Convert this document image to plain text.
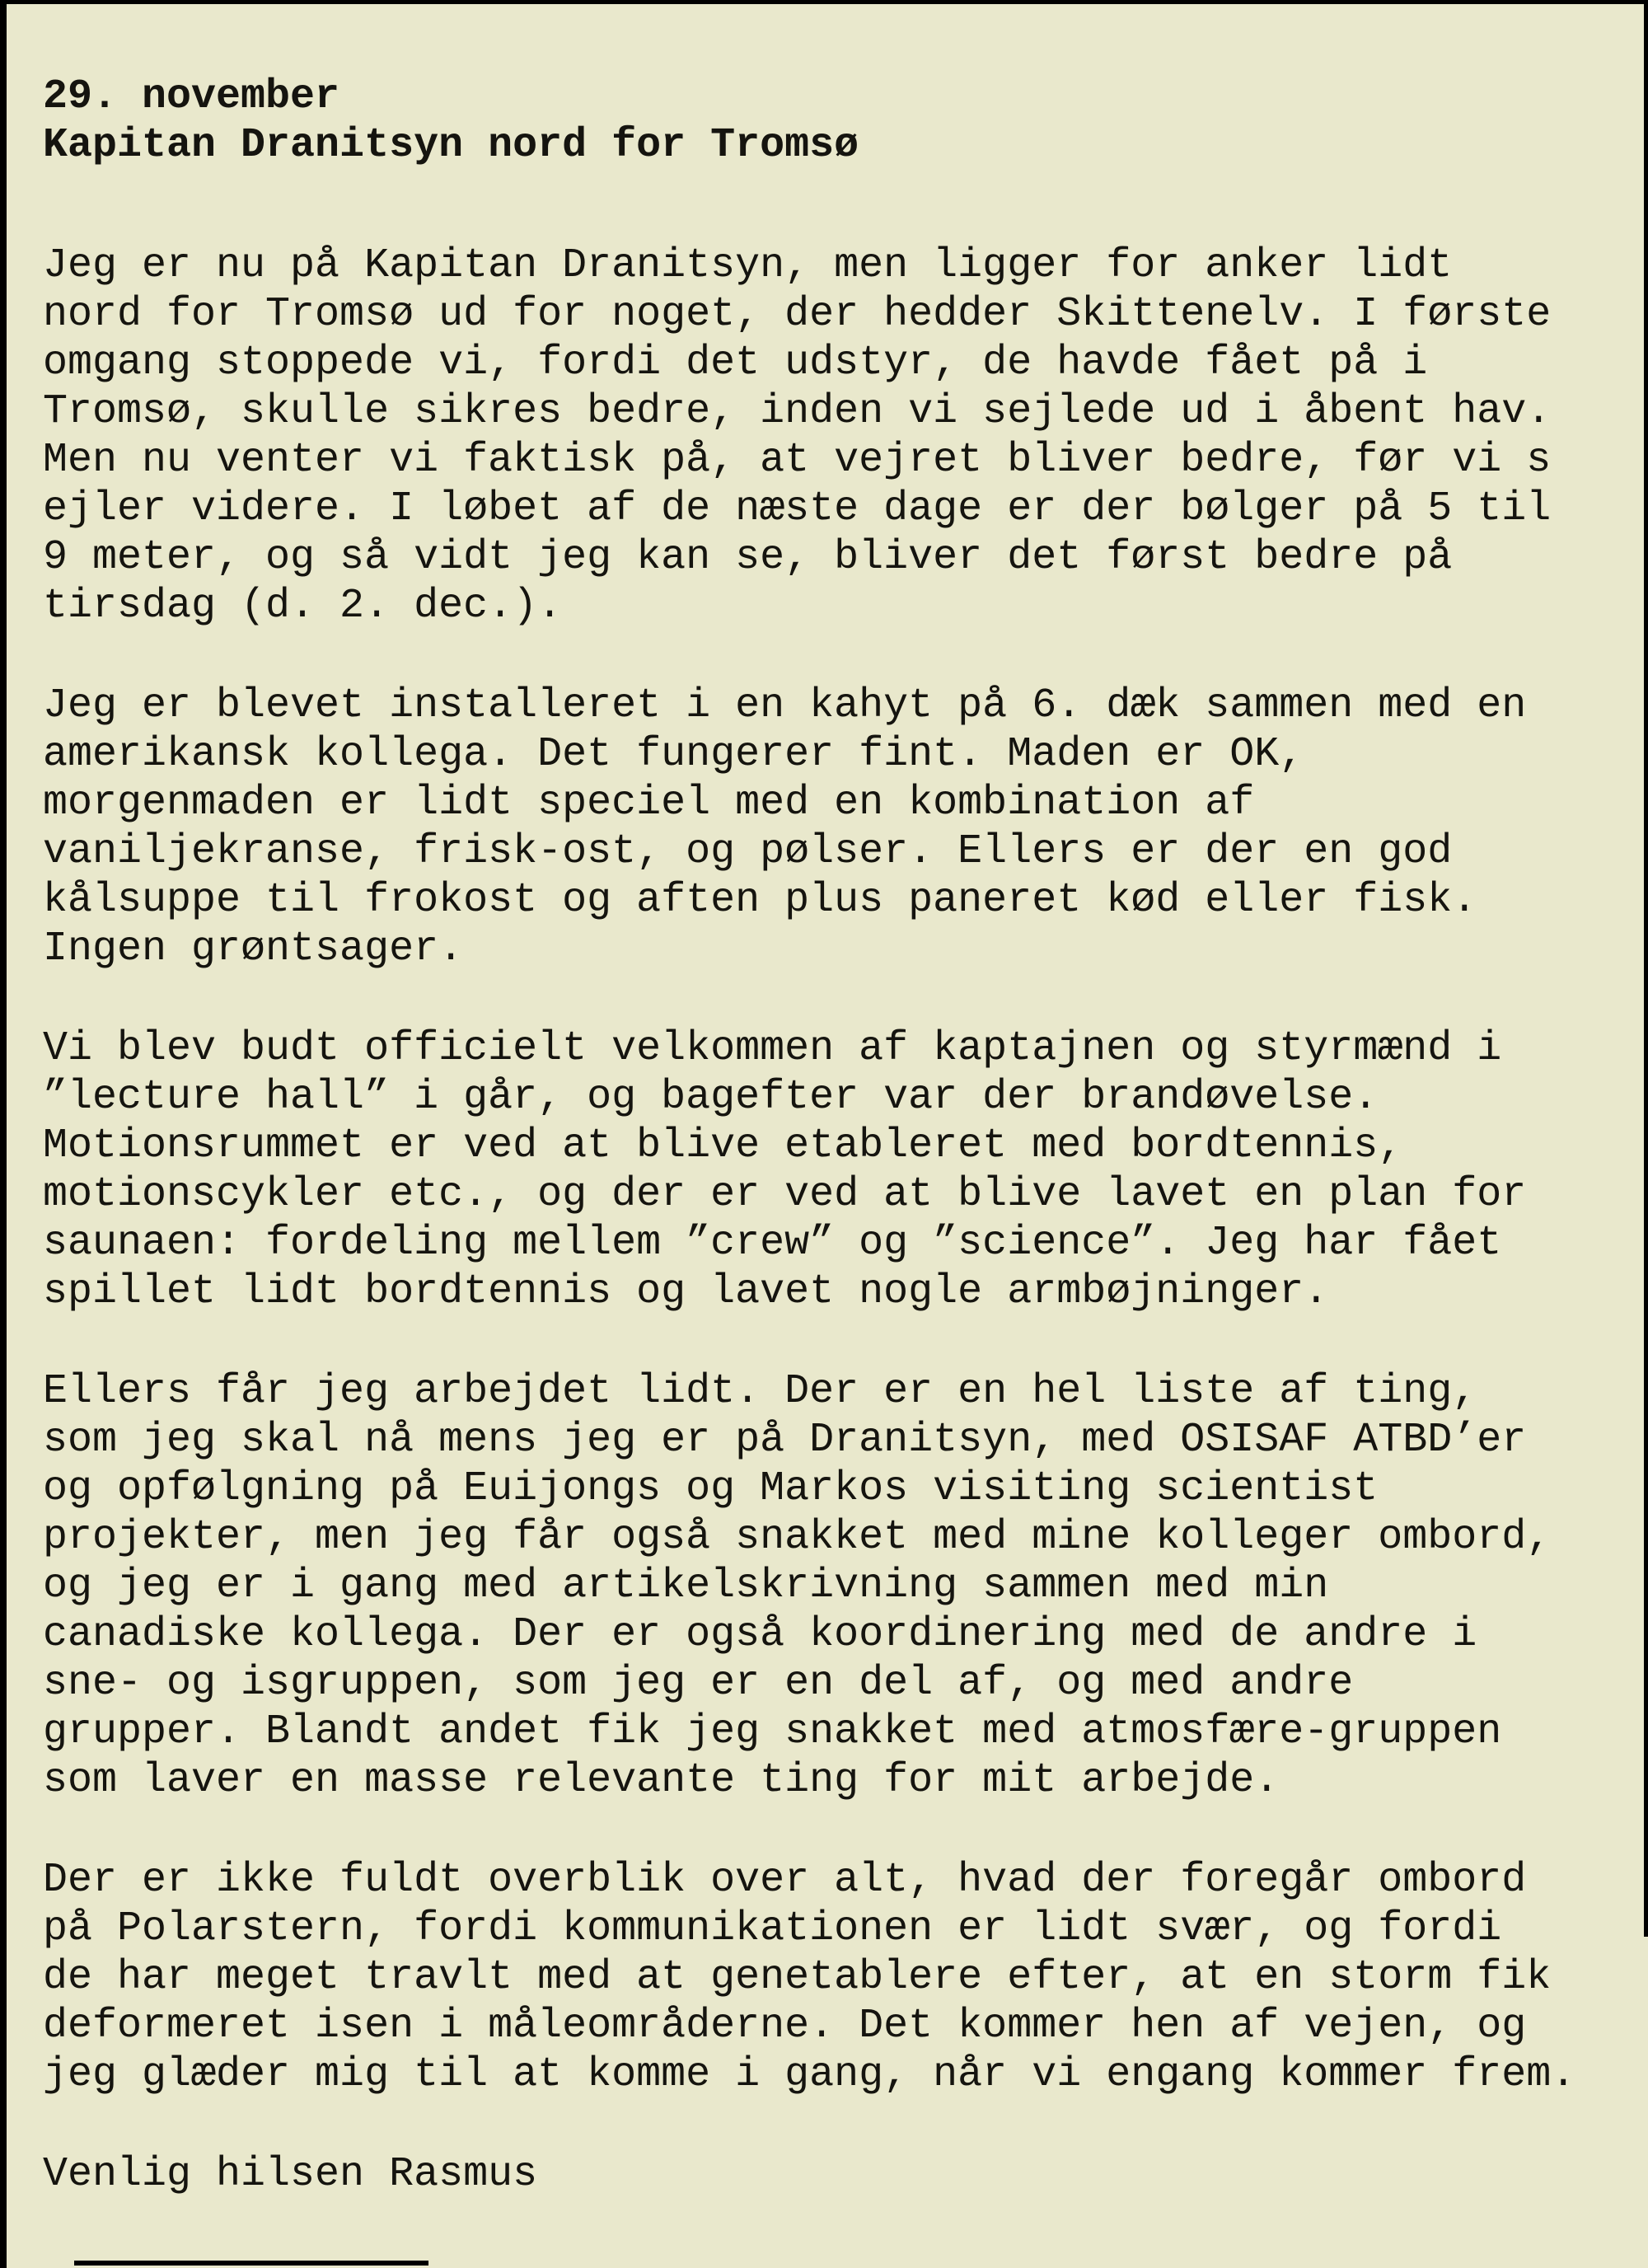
29. november
Kapitan Dranitsyn nord for Tromsø
Jeg er nu på Kapitan Dranitsyn, men ligger for anker lidt
nord for Tromsø ud for noget, der hedder Skittenelv. I første
omgang stoppede vi, fordi det udstyr, de havde fået på i
Tromsø, skulle sikres bedre, inden vi sejlede ud i åbent hav.
Men nu venter vi faktisk på, at vejret bliver bedre, før vi s
ejler videre. I løbet af de næste dage er der bølger på 5 til
9 meter, og så vidt jeg kan se, bliver det først bedre på
tirsdag (d. 2. dec.).
Jeg er blevet installeret i en kahyt på 6. dæk sammen med en
amerikansk kollega. Det fungerer fint. Maden er OK,
morgenmaden er lidt speciel med en kombination af
vaniljekranse, frisk-ost, og pølser. Ellers er der en god
kålsuppe til frokost og aften plus paneret kød eller fisk.
Ingen grøntsager.
Vi blev budt officielt velkommen af kaptajnen og styrmænd i
”lecture hall” i går, og bagefter var der brandøvelse.
Motionsrummet er ved at blive etableret med bordtennis,
motionscykler etc., og der er ved at blive lavet en plan for
saunaen: fordeling mellem ”crew” og ”science”. Jeg har fået
spillet lidt bordtennis og lavet nogle armbøjninger.
Ellers får jeg arbejdet lidt. Der er en hel liste af ting,
som jeg skal nå mens jeg er på Dranitsyn, med OSISAF ATBD’er
og opfølgning på Euijongs og Markos visiting scientist
projekter, men jeg får også snakket med mine kolleger ombord,
og jeg er i gang med artikelskrivning sammen med min
canadiske kollega. Der er også koordinering med de andre i
sne- og isgruppen, som jeg er en del af, og med andre
grupper. Blandt andet fik jeg snakket med atmosfære-gruppen
som laver en masse relevante ting for mit arbejde.
Der er ikke fuldt overblik over alt, hvad der foregår ombord
på Polarstern, fordi kommunikationen er lidt svær, og fordi
de har meget travlt med at genetablere efter, at en storm fik
deformeret isen i måleområderne. Det kommer hen af vejen, og
jeg glæder mig til at komme i gang, når vi engang kommer frem.
Venlig hilsen Rasmus
